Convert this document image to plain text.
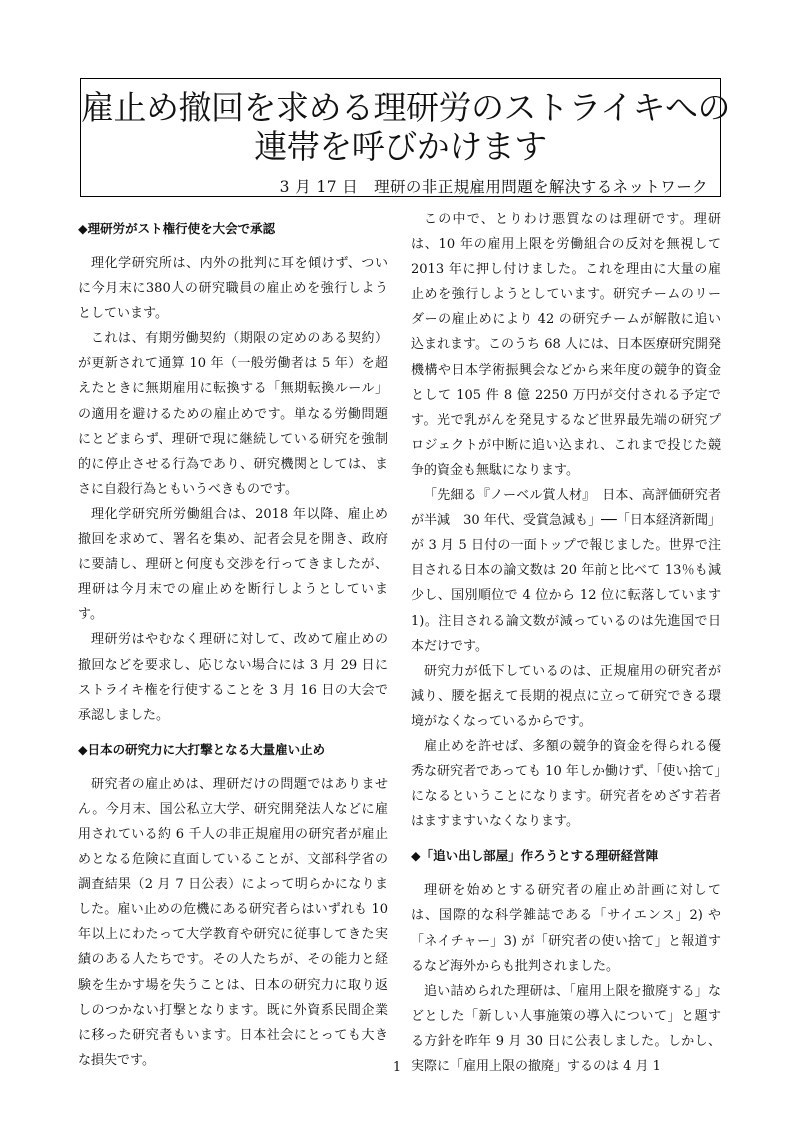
雇止め撤回を求める理研労のストライキへの
連帯を呼びかけます
3 月 17 日　理研の非正規雇用問題を解決するネットワーク
◆理研労がスト権行使を大会で承認

理化学研究所は、内外の批判に耳を傾けず、ついに今月末に380人の研究職員の雇止めを強行しようとしています。

これは、有期労働契約（期限の定めのある契約）が更新されて通算 10 年（一般労働者は 5 年）を超えたときに無期雇用に転換する「無期転換ルール」の適用を避けるための雇止めです。単なる労働問題にとどまらず、理研で現に継続している研究を強制的に停止させる行為であり、研究機関としては、まさに自殺行為ともいうべきものです。

理化学研究所労働組合は、2018 年以降、雇止め撤回を求めて、署名を集め、記者会見を開き、政府に要請し、理研と何度も交渉を行ってきましたが、理研は今月末での雇止めを断行しようとしています。

理研労はやむなく理研に対して、改めて雇止めの撤回などを要求し、応じない場合には 3 月 29 日にストライキ権を行使することを 3 月 16 日の大会で承認しました。

◆日本の研究力に大打撃となる大量雇い止め

研究者の雇止めは、理研だけの問題ではありません。今月末、国公私立大学、研究開発法人などに雇用されている約 6 千人の非正規雇用の研究者が雇止めとなる危険に直面していることが、文部科学省の調査結果（2 月 7 日公表）によって明らかになりました。雇い止めの危機にある研究者らはいずれも 10 年以上にわたって大学教育や研究に従事してきた実績のある人たちです。その人たちが、その能力と経験を生かす場を失うことは、日本の研究力に取り返しのつかない打撃となります。既に外資系民間企業に移った研究者もいます。日本社会にとっても大きな損失です。

この中で、とりわけ悪質なのは理研です。理研は、10 年の雇用上限を労働組合の反対を無視して 2013 年に押し付けました。これを理由に大量の雇止めを強行しようとしています。研究チームのリーダーの雇止めにより 42 の研究チームが解散に追い込まれます。このうち 68 人には、日本医療研究開発機構や日本学術振興会などから来年度の競争的資金として 105 件 8 億 2250 万円が交付される予定です。光で乳がんを発見するなど世界最先端の研究プロジェクトが中断に追い込まれ、これまで投じた競争的資金も無駄になります。

「先細る『ノーベル賞人材』　日本、高評価研究者が半減　30 年代、受賞急減も」──「日本経済新聞」が 3 月 5 日付の一面トップで報じました。世界で注目される日本の論文数は 20 年前と比べて 13％も減少し、国別順位で 4 位から 12 位に転落しています 1)。注目される論文数が減っているのは先進国で日本だけです。

研究力が低下しているのは、正規雇用の研究者が減り、腰を据えて長期的視点に立って研究できる環境がなくなっているからです。

雇止めを許せば、多額の競争的資金を得られる優秀な研究者であっても 10 年しか働けず、「使い捨て」になるということになります。研究者をめざす若者はますますいなくなります。

◆「追い出し部屋」作ろうとする理研経営陣

理研を始めとする研究者の雇止め計画に対しては、国際的な科学雑誌である「サイエンス」2) や「ネイチャー」3) が「研究者の使い捨て」と報道するなど海外からも批判されました。

追い詰められた理研は、「雇用上限を撤廃する」などとした「新しい人事施策の導入について」と題する方針を昨年 9 月 30 日に公表しました。しかし、実際に「雇用上限の撤廃」するのは 4 月 1

1
